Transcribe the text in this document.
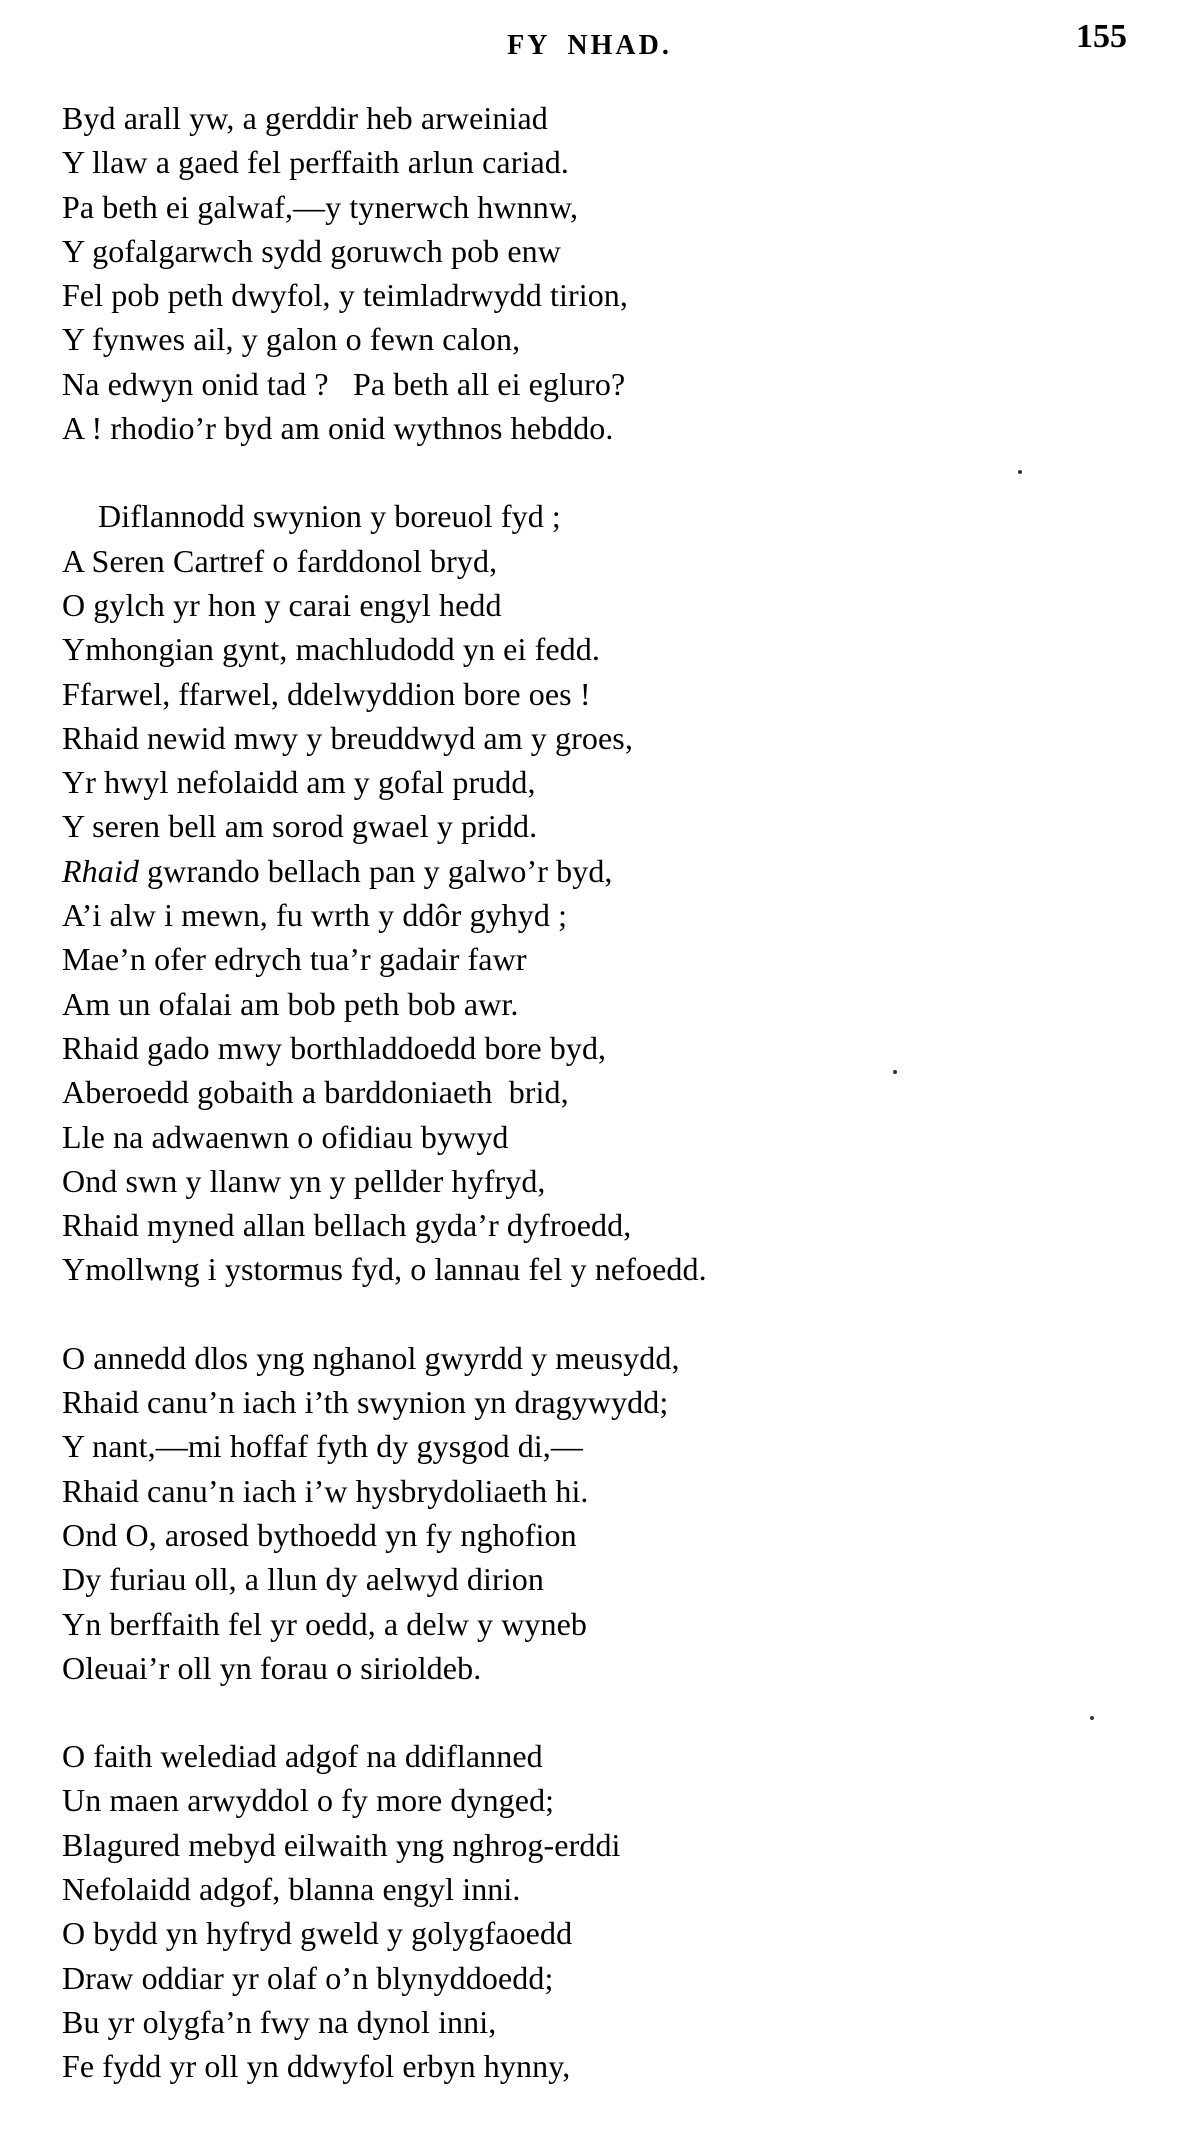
FY NHAD.	155
Byd arall yw, a gerddir heb arweiniad
Y llaw a gaed fel perffaith arlun cariad.
Pa beth ei galwaf,—y tynerwch hwnnw,
Y gofalgarwch sydd goruwch pob enw
Fel pob peth dwyfol, y teimladrwydd tirion,
Y fynwes ail, y galon o fewn calon,
Na edwyn onid tad ?   Pa beth all ei egluro?
A ! rhodio’r byd am onid wythnos hebddo.
Diflannodd swynion y boreuol fyd ;
A Seren Cartref o farddonol bryd,
O gylch yr hon y carai engyl hedd
Ymhongian gynt, machludodd yn ei fedd.
Ffarwel, ffarwel, ddelwyddion bore oes !
Rhaid newid mwy y breuddwyd am y groes,
Yr hwyl nefolaidd am y gofal prudd,
Y seren bell am sorod gwael y pridd.
Rhaid gwrando bellach pan y galwo’r byd,
A’i alw i mewn, fu wrth y ddôr gyhyd ;
Mae’n ofer edrych tua’r gadair fawr
Am un ofalai am bob peth bob awr.
Rhaid gado mwy borthladdoedd bore byd,
Aberoedd gobaith a barddoniaeth  brid,
Lle na adwaenwn o ofidiau bywyd
Ond swn y llanw yn y pellder hyfryd,
Rhaid myned allan bellach gyda’r dyfroedd,
Ymollwng i ystormus fyd, o lannau fel y nefoedd.
O annedd dlos yng nghanol gwyrdd y meusydd,
Rhaid canu’n iach i’th swynion yn dragywydd;
Y nant,—mi hoffaf fyth dy gysgod di,—
Rhaid canu’n iach i’w hysbrydoliaeth hi.
Ond O, arosed bythoedd yn fy nghofion
Dy furiau oll, a llun dy aelwyd dirion
Yn berffaith fel yr oedd, a delw y wyneb
Oleuai’r oll yn forau o sirioldeb.
O faith welediad adgof na ddiflanned
Un maen arwyddol o fy more dynged;
Blagured mebyd eilwaith yng nghrog-erddi
Nefolaidd adgof, blanna engyl inni.
O bydd yn hyfryd gweld y golygfaoedd
Draw oddiar yr olaf o’n blynyddoedd;
Bu yr olygfa’n fwy na dynol inni,
Fe fydd yr oll yn ddwyfol erbyn hynny,
